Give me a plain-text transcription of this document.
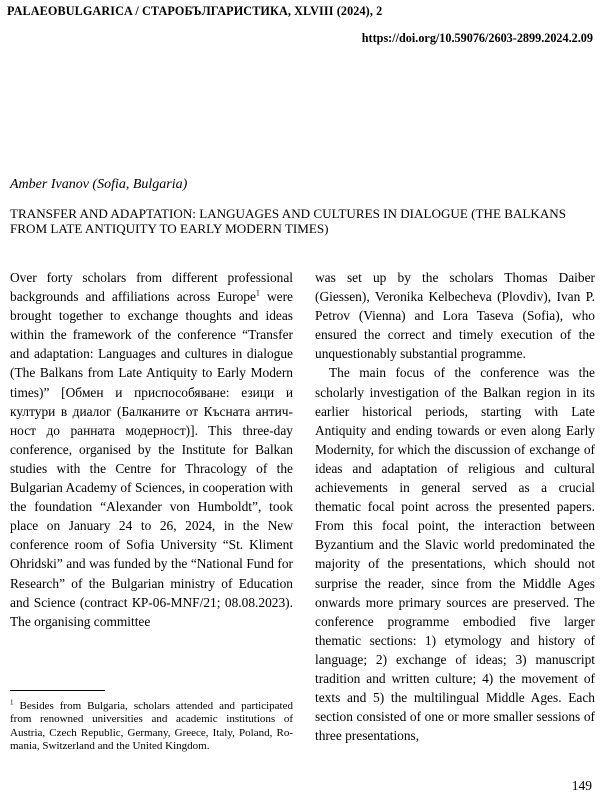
PALAEOBULGARICA / СТАРОБЪЛГАРИСТИКА, XLVIII (2024), 2
https://doi.org/10.59076/2603-2899.2024.2.09
Amber Ivanov (Sofia, Bulgaria)
TRANSFER AND ADAPTATION: LANGUAGES AND CULTURES IN DIALOGUE (THE BALKANS FROM LATE ANTIQUITY TO EARLY MODERN TIMES)

Over forty scholars from different professional backgrounds and affiliations across Europe$^1$ were brought together to exchange thoughts and ideas within the framework of the conference “Transfer and adaptation: Languages and cultures in dialogue (The Balkans from Late Antiquity to Early Modern times)” [Обмен и приспособяване: езици и култури в диалог (Балканите от Късната античност до ранната модерност)]. This three-day conference, organised by the Institute for Balkan studies with the Centre for Thracology of the Bulgarian Academy of Sciences, in cooperation with the foundation “Alexander von Humboldt”, took place on January 24 to 26, 2024, in the New conference room of Sofia University “St. Kliment Ohridski” and was funded by the “National Fund for Research” of the Bulgarian ministry of Education and Science (contract КР-06-MNF/21; 08.08.2023). The organising committee

was set up by the scholars Thomas Daiber (Giessen), Veronika Kelbecheva (Plovdiv), Ivan P. Petrov (Vienna) and Lora Taseva (Sofia), who ensured the correct and timely execution of the unquestionably substantial programme.

The main focus of the conference was the scholarly investigation of the Balkan region in its earlier historical periods, starting with Late Antiquity and ending towards or even along Early Modernity, for which the discussion of exchange of ideas and adaptation of religious and cultural achievements in general served as a crucial thematic focal point across the presented papers. From this focal point, the interaction between Byzantium and the Slavic world predominated the majority of the presentations, which should not surprise the reader, since from the Middle Ages onwards more primary sources are preserved. The conference programme embodied five larger thematic sections: 1) etymology and history of language; 2) exchange of ideas; 3) manuscript tradition and written culture; 4) the movement of texts and 5) the multilingual Middle Ages. Each section consisted of one or more smaller sessions of three presentations,

$^1$ Besides from Bulgaria, scholars attended and participated from renowned universities and academic institutions of Austria, Czech Republic, Germany, Greece, Italy, Poland, Romania, Switzerland and the United Kingdom.
149
